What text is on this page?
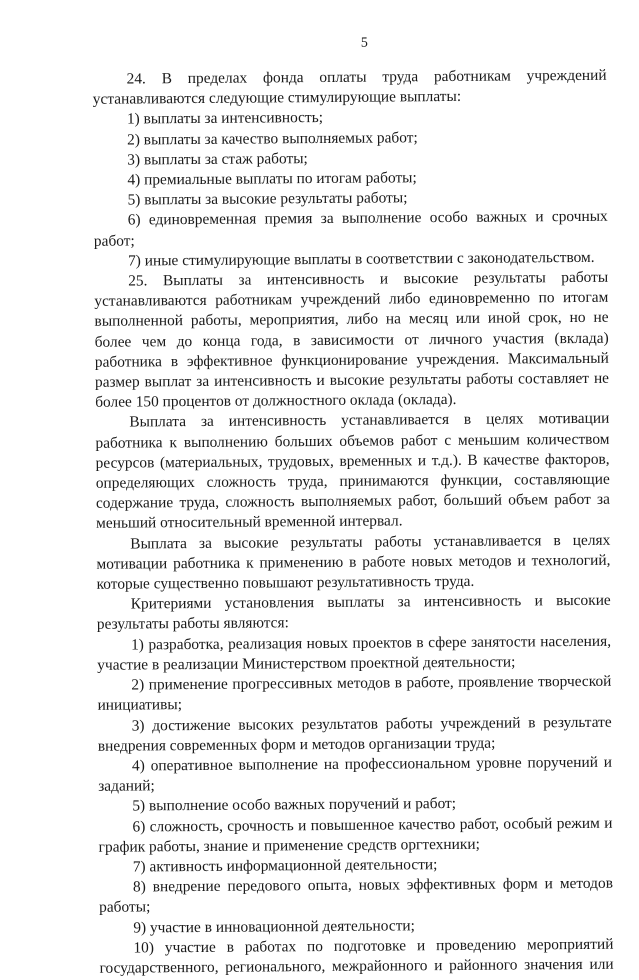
5

24. В пределах фонда оплаты труда работникам учреждений устанавливаются следующие стимулирующие выплаты:

1) выплаты за интенсивность;

2) выплаты за качество выполняемых работ;

3) выплаты за стаж работы;

4) премиальные выплаты по итогам работы;

5) выплаты за высокие результаты работы;

6) единовременная премия за выполнение особо важных и срочных работ;

7) иные стимулирующие выплаты в соответствии с законодательством.

25. Выплаты за интенсивность и высокие результаты работы устанавливаются работникам учреждений либо единовременно по итогам выполненной работы, мероприятия, либо на месяц или иной срок, но не более чем до конца года, в зависимости от личного участия (вклада) работника в эффективное функционирование учреждения. Максимальный размер выплат за интенсивность и высокие результаты работы составляет не более 150 процентов от должностного оклада (оклада).

Выплата за интенсивность устанавливается в целях мотивации работника к выполнению больших объемов работ с меньшим количеством ресурсов (материальных, трудовых, временных и т.д.). В качестве факторов, определяющих сложность труда, принимаются функции, составляющие содержание труда, сложность выполняемых работ, больший объем работ за меньший относительный временной интервал.

Выплата за высокие результаты работы устанавливается в целях мотивации работника к применению в работе новых методов и технологий, которые существенно повышают результативность труда.

Критериями установления выплаты за интенсивность и высокие результаты работы являются:

1) разработка, реализация новых проектов в сфере занятости населения, участие в реализации Министерством проектной деятельности;

2) применение прогрессивных методов в работе, проявление творческой инициативы;

3) достижение высоких результатов работы учреждений в результате внедрения современных форм и методов организации труда;

4) оперативное выполнение на профессиональном уровне поручений и заданий;

5) выполнение особо важных поручений и работ;

6) сложность, срочность и повышенное качество работ, особый режим и график работы, знание и применение средств оргтехники;

7) активность информационной деятельности;

8) внедрение передового опыта, новых эффективных форм и методов работы;

9) участие в инновационной деятельности;

10) участие в работах по подготовке и проведению мероприятий государственного, регионального, межрайонного и районного значения или
